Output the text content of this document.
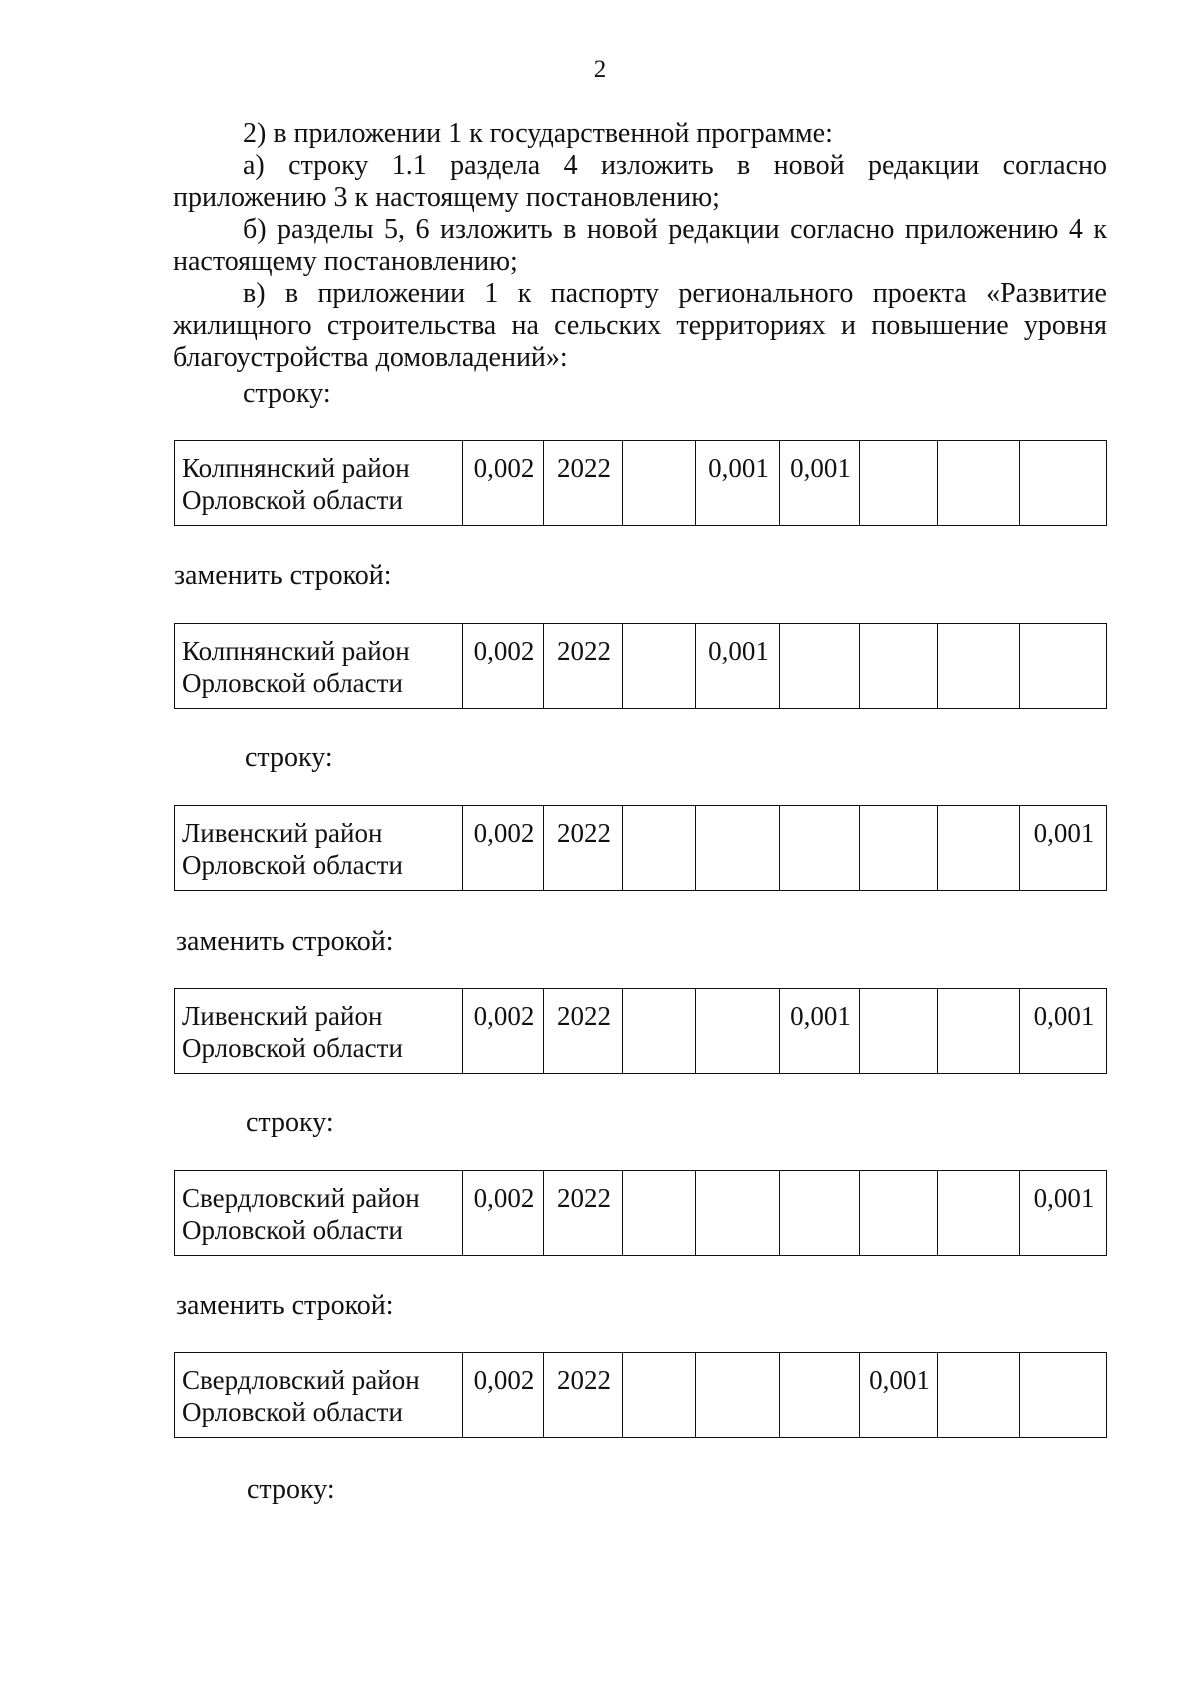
2

2) в приложении 1 к государственной программе:

а) строку 1.1 раздела 4 изложить в новой редакции согласно приложению 3 к настоящему постановлению;

б) разделы 5, 6 изложить в новой редакции согласно приложению 4 к настоящему постановлению;

в) в приложении 1 к паспорту регионального проекта «Развитие жилищного строительства на сельских территориях и повышение уровня благоустройства домовладений»:

строку:
Колпнянский район
Орловской области	0,002	2022		0,001	0,001			
заменить строкой:
Колпнянский район
Орловской области	0,002	2022		0,001				
строку:
Ливенский район
Орловской области	0,002	2022						0,001
заменить строкой:
Ливенский район
Орловской области	0,002	2022			0,001			0,001
строку:
Свердловский район
Орловской области	0,002	2022						0,001
заменить строкой:
Свердловский район
Орловской области	0,002	2022				0,001		
строку:
